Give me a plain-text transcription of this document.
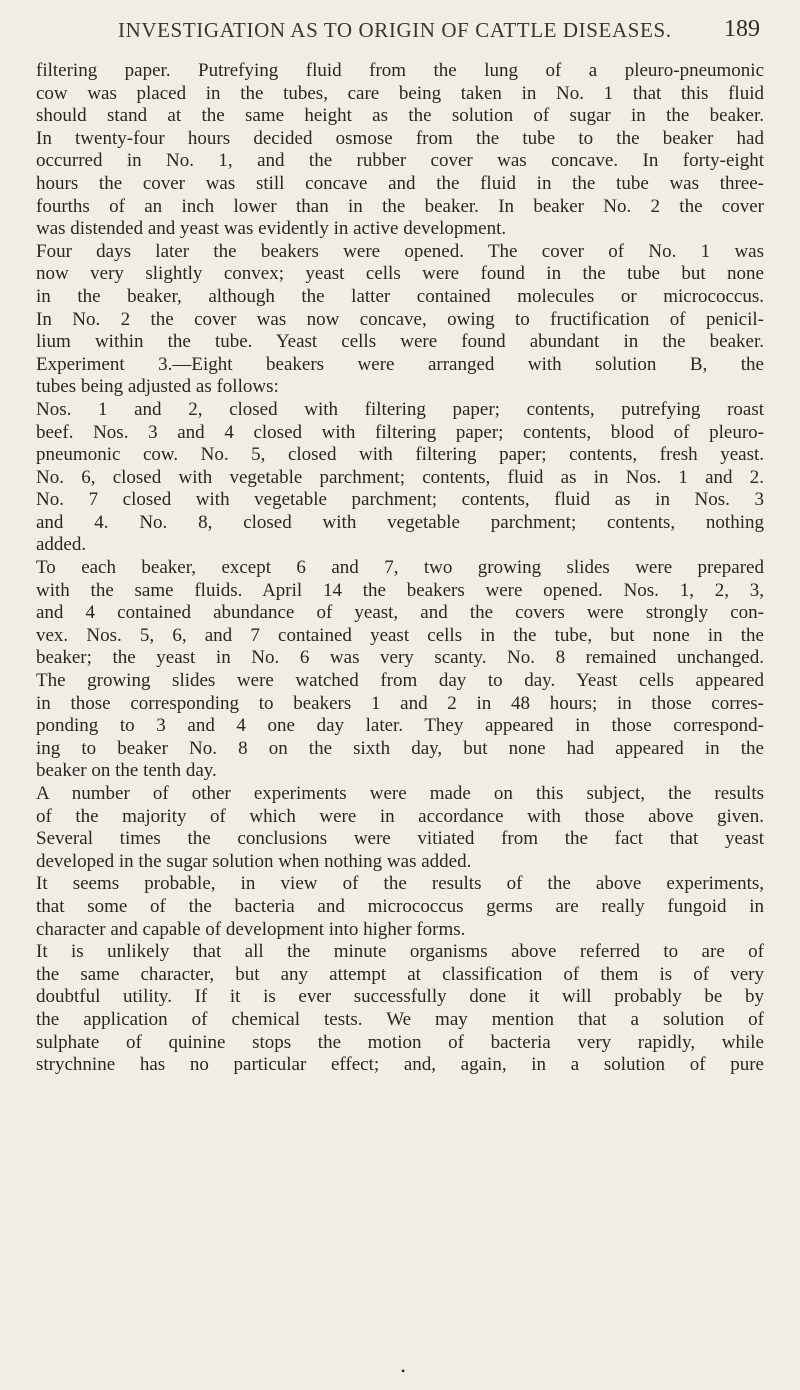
INVESTIGATION AS TO ORIGIN OF CATTLE DISEASES. 189
filtering paper. Putrefying fluid from the lung of a pleuro-pneumonic
cow was placed in the tubes, care being taken in No. 1 that this fluid
should stand at the same height as the solution of sugar in the beaker.
In twenty-four hours decided osmose from the tube to the beaker had
occurred in No. 1, and the rubber cover was concave. In forty-eight
hours the cover was still concave and the fluid in the tube was three-
fourths of an inch lower than in the beaker. In beaker No. 2 the cover
was distended and yeast was evidently in active development.
Four days later the beakers were opened. The cover of No. 1 was
now very slightly convex; yeast cells were found in the tube but none
in the beaker, although the latter contained molecules or micrococcus.
In No. 2 the cover was now concave, owing to fructification of penicil-
lium within the tube. Yeast cells were found abundant in the beaker.
Experiment 3.—Eight beakers were arranged with solution B, the
tubes being adjusted as follows:
Nos. 1 and 2, closed with filtering paper; contents, putrefying roast
beef. Nos. 3 and 4 closed with filtering paper; contents, blood of pleuro-
pneumonic cow. No. 5, closed with filtering paper; contents, fresh yeast.
No. 6, closed with vegetable parchment; contents, fluid as in Nos. 1 and 2.
No. 7 closed with vegetable parchment; contents, fluid as in Nos. 3
and 4. No. 8, closed with vegetable parchment; contents, nothing
added.
To each beaker, except 6 and 7, two growing slides were prepared
with the same fluids. April 14 the beakers were opened. Nos. 1, 2, 3,
and 4 contained abundance of yeast, and the covers were strongly con-
vex. Nos. 5, 6, and 7 contained yeast cells in the tube, but none in the
beaker; the yeast in No. 6 was very scanty. No. 8 remained unchanged.
The growing slides were watched from day to day. Yeast cells appeared
in those corresponding to beakers 1 and 2 in 48 hours; in those corres-
ponding to 3 and 4 one day later. They appeared in those correspond-
ing to beaker No. 8 on the sixth day, but none had appeared in the
beaker on the tenth day.
A number of other experiments were made on this subject, the results
of the majority of which were in accordance with those above given.
Several times the conclusions were vitiated from the fact that yeast
developed in the sugar solution when nothing was added.
It seems probable, in view of the results of the above experiments,
that some of the bacteria and micrococcus germs are really fungoid in
character and capable of development into higher forms.
It is unlikely that all the minute organisms above referred to are of
the same character, but any attempt at classification of them is of very
doubtful utility. If it is ever successfully done it will probably be by
the application of chemical tests. We may mention that a solution of
sulphate of quinine stops the motion of bacteria very rapidly, while
strychnine has no particular effect; and, again, in a solution of pure
•
